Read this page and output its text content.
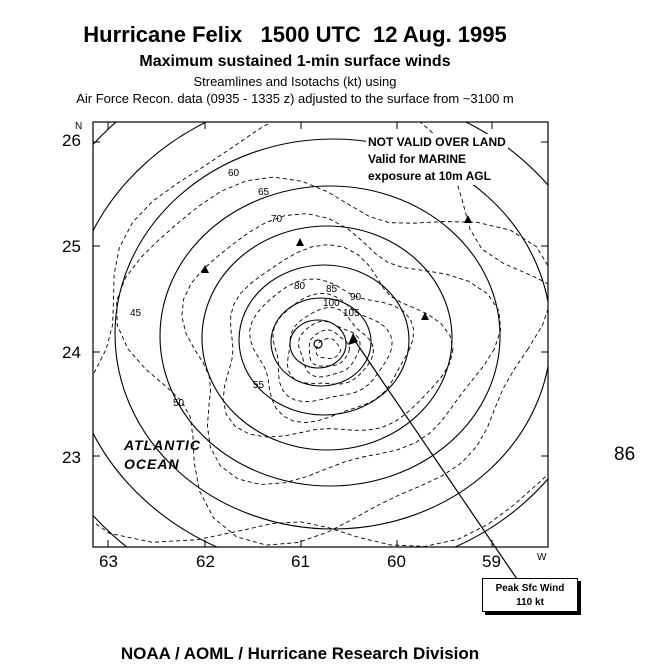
Hurricane Felix   1500 UTC  12 Aug. 1995
Maximum sustained 1-min surface winds
Streamlines and Isotachs (kt) using
Air Force Recon. data (0935 - 1335 z) adjusted to the surface from ~3100 m
45
50
55
60
65
70
80 85
90
100
105
26
N
25
24
23
63	62	61	60	59	W
NOT VALID OVER LAND
Valid for MARINE
exposure at 10m AGL
ATLANTIC
OCEAN
Peak Sfc Wind
110 kt
86
NOAA / AOML / Hurricane Research Division
